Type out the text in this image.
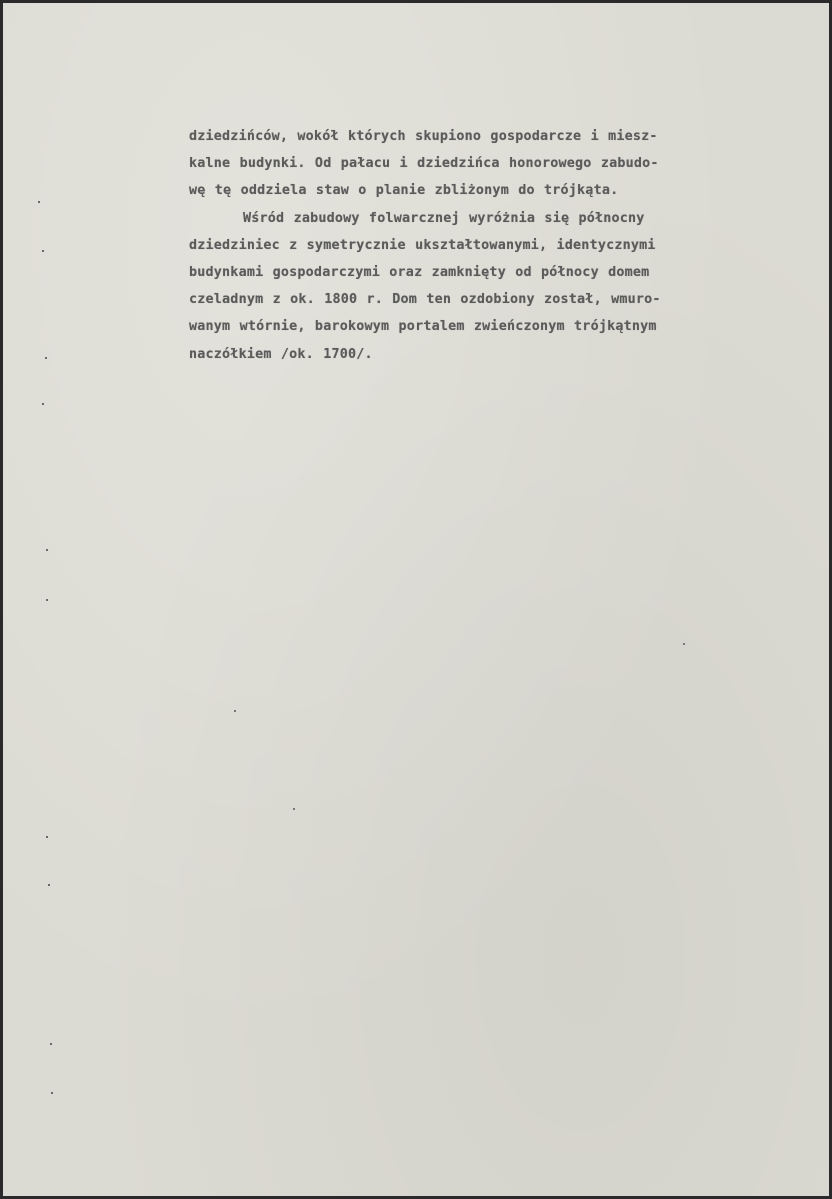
dziedzińców, wokół których skupiono gospodarcze i miesz-
kalne budynki. Od pałacu i dziedzińca honorowego zabudo-
wę tę oddziela staw o planie zbliżonym do trójkąta.
Wśród zabudowy folwarcznej wyróżnia się północny
dziedziniec z symetrycznie ukształtowanymi, identycznymi
budynkami gospodarczymi oraz zamknięty od północy domem
czeladnym z ok. 1800 r. Dom ten ozdobiony został, wmuro-
wanym wtórnie, barokowym portalem zwieńczonym trójkątnym
naczółkiem /ok. 1700/.
